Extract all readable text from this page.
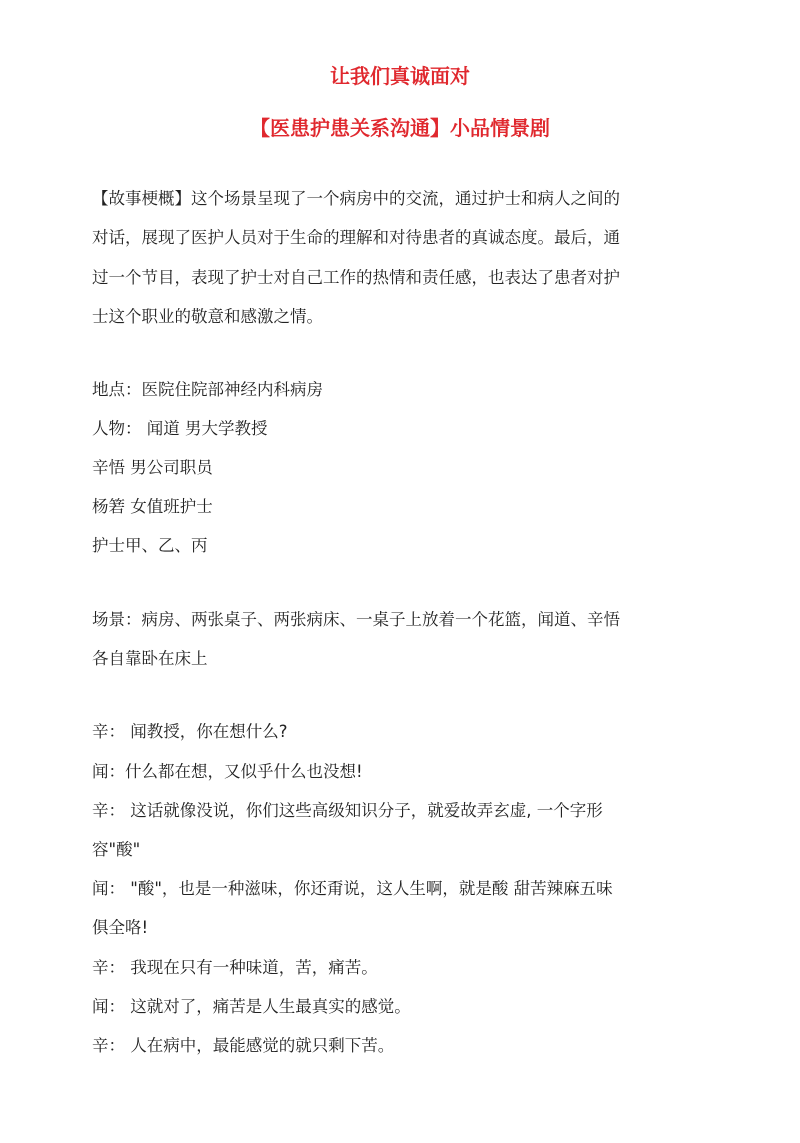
让我们真诚面对
【医患护患关系沟通】小品情景剧
【故事梗概】这个场景呈现了一个病房中的交流，通过护士和病人之间的
对话，展现了医护人员对于生命的理解和对待患者的真诚态度。最后，通
过一个节目，表现了护士对自己工作的热情和责任感，也表达了患者对护
士这个职业的敬意和感激之情。
地点：医院住院部神经内科病房
人物： 闻道 男大学教授
辛悟 男公司职员
杨箬 女值班护士
护士甲、乙、丙
场景：病房、两张桌子、两张病床、一桌子上放着一个花篮，闻道、辛悟
各自靠卧在床上
辛： 闻教授，你在想什么?
闻：什么都在想，又似乎什么也没想!
辛： 这话就像没说，你们这些高级知识分子，就爱故弄玄虚, 一个字形
容"酸"
闻： "酸"，也是一种滋味，你还甭说，这人生啊，就是酸 甜苦辣麻五味
俱全咯!
辛： 我现在只有一种味道，苦，痛苦。
闻： 这就对了，痛苦是人生最真实的感觉。
辛： 人在病中，最能感觉的就只剩下苦。
